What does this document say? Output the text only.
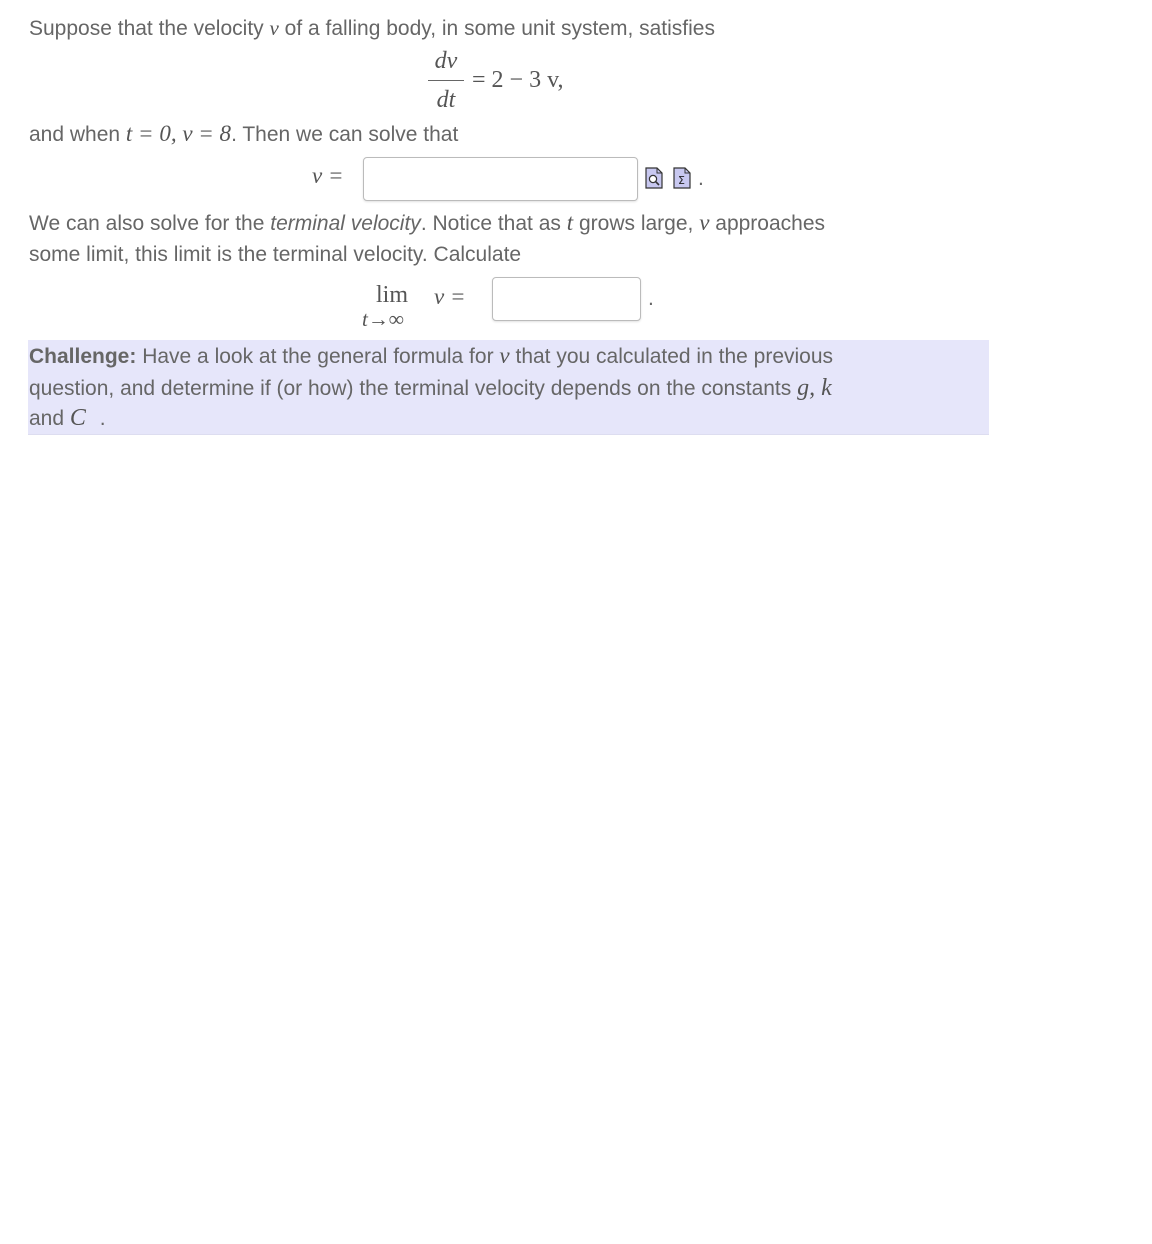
Suppose that the velocity v of a falling body, in some unit system, satisfies
dv
dt
= 2 − 3 v,
and when t = 0, v = 8. Then we can solve that
v =	Σ .
We can also solve for the terminal velocity. Notice that as t grows large, v approaches
some limit, this limit is the terminal velocity. Calculate
lim
t→∞
v =	.
Challenge: Have a look at the general formula for v that you calculated in the previous
question, and determine if (or how) the terminal velocity depends on the constants g, k
and C .
